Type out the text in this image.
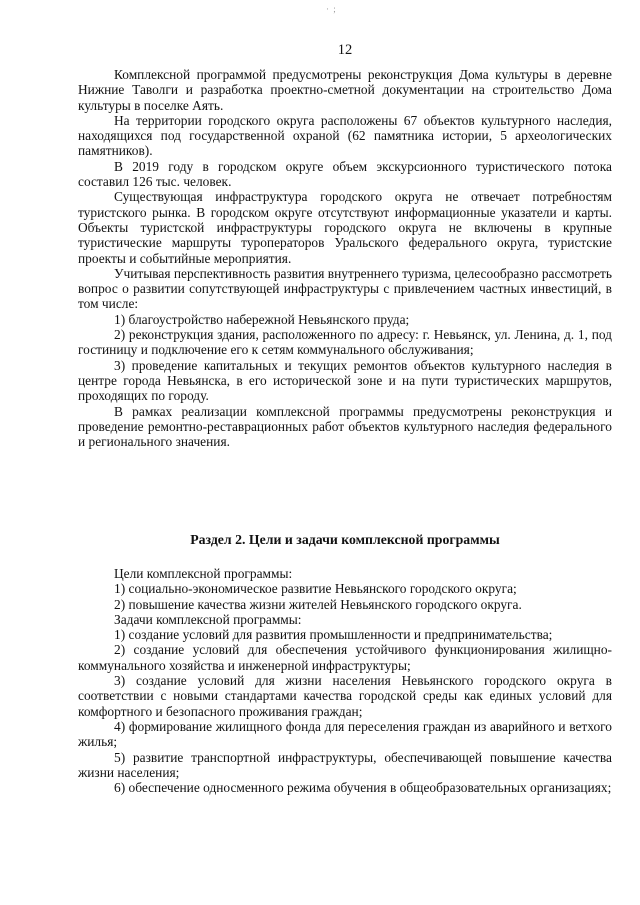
· ;
12

Комплексной программой предусмотрены реконструкция Дома культуры в деревне Нижние Таволги и разработка проектно-сметной документации на строительство Дома культуры в поселке Аять.

На территории городского округа расположены 67 объектов культурного наследия, находящихся под государственной охраной (62 памятника истории, 5 археологических памятников).

В 2019 году в городском округе объем экскурсионного туристического потока составил 126 тыс. человек.

Существующая инфраструктура городского округа не отвечает потребностям туристского рынка. В городском округе отсутствуют информационные указатели и карты. Объекты туристской инфраструктуры городского округа не включены в крупные туристические маршруты туроператоров Уральского федерального округа, туристские проекты и событийные мероприятия.

Учитывая перспективность развития внутреннего туризма, целесообразно рассмотреть вопрос о развитии сопутствующей инфраструктуры с привлечением частных инвестиций, в том числе:

1) благоустройство набережной Невьянского пруда;

2) реконструкция здания, расположенного по адресу: г. Невьянск, ул. Ленина, д. 1, под гостиницу и подключение его к сетям коммунального обслуживания;

3) проведение капитальных и текущих ремонтов объектов культурного наследия в центре города Невьянска, в его исторической зоне и на пути туристических маршрутов, проходящих по городу.

В рамках реализации комплексной программы предусмотрены реконструкция и проведение ремонтно-реставрационных работ объектов культурного наследия федерального и регионального значения.

Раздел 2. Цели и задачи комплексной программы

Цели комплексной программы:

1) социально-экономическое развитие Невьянского городского округа;

2) повышение качества жизни жителей Невьянского городского округа.

Задачи комплексной программы:

1) создание условий для развития промышленности и предпринимательства;

2) создание условий для обеспечения устойчивого функционирования жилищно-коммунального хозяйства и инженерной инфраструктуры;

3) создание условий для жизни населения Невьянского городского округа в соответствии с новыми стандартами качества городской среды как единых условий для комфортного и безопасного проживания граждан;

4) формирование жилищного фонда для переселения граждан из аварийного и ветхого жилья;

5) развитие транспортной инфраструктуры, обеспечивающей повышение качества жизни населения;

6) обеспечение односменного режима обучения в общеобразовательных организациях;
